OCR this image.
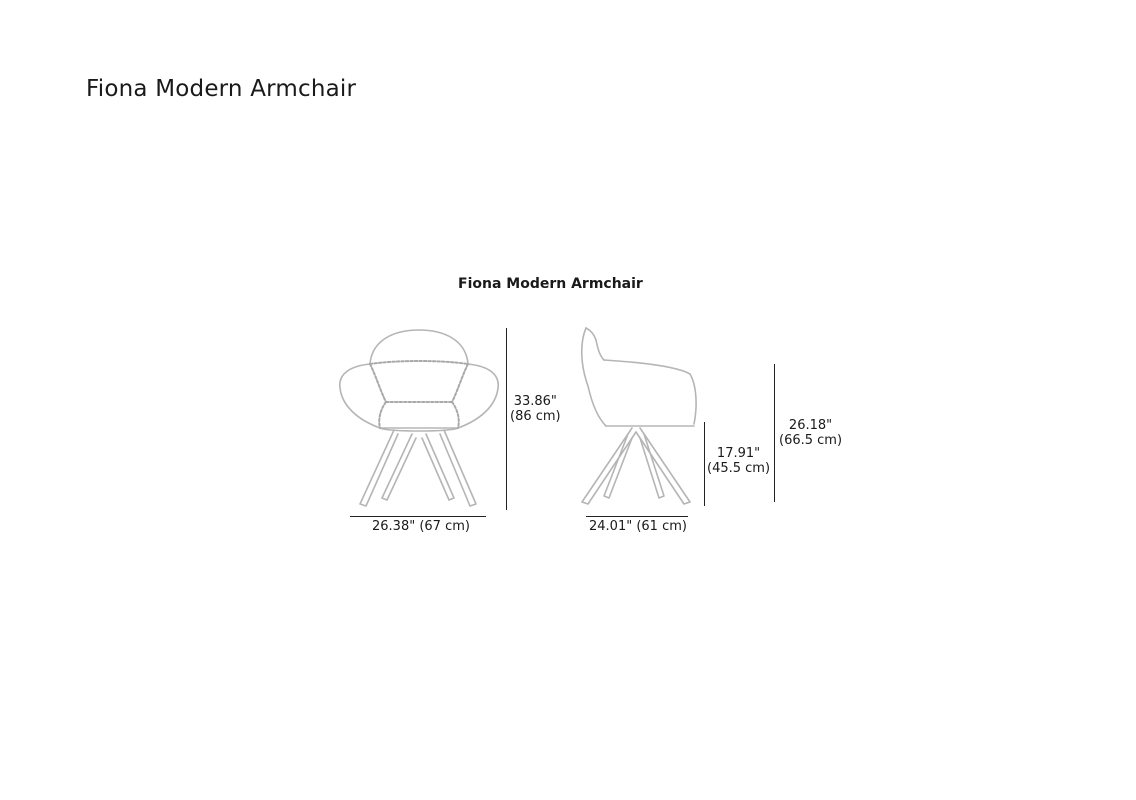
Fiona Modern Armchair
Fiona Modern Armchair
33.86"
(86 cm)
26.38" (67 cm)	24.01" (61 cm)
17.91"
(45.5 cm)
26.18"
(66.5 cm)
